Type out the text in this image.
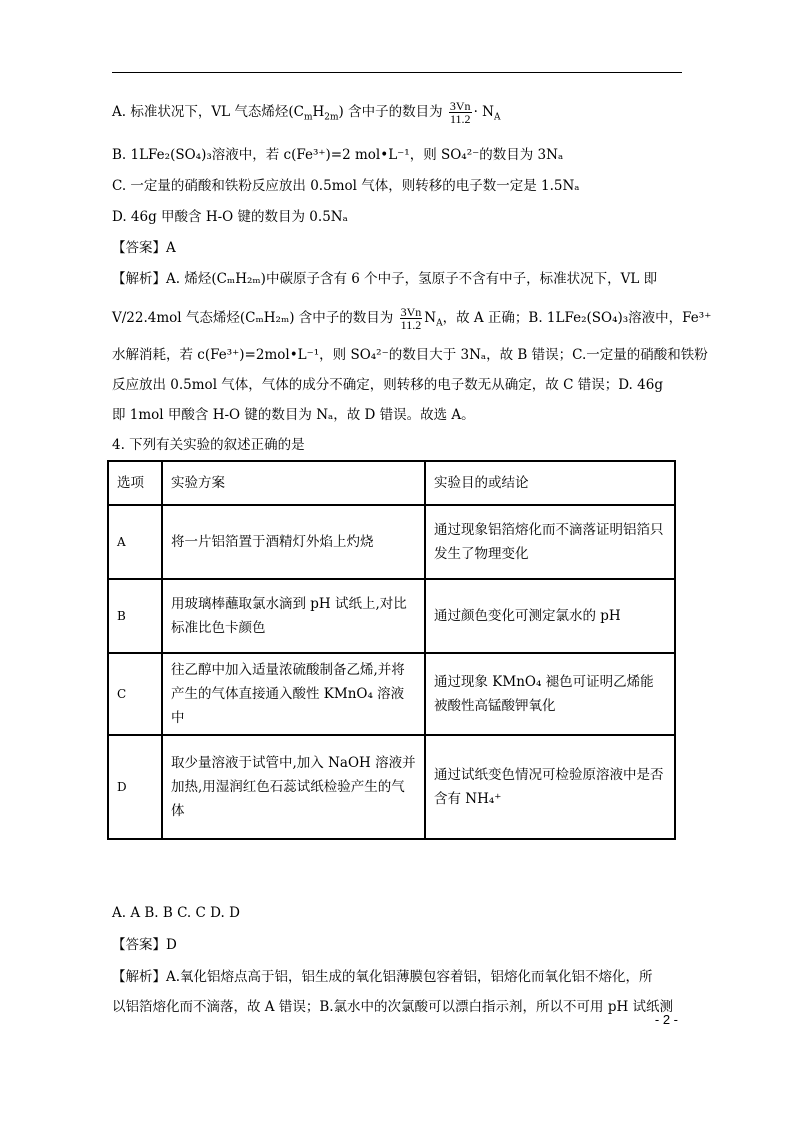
A. 标准状况下，VL 气态烯烃$(C_mH_{2m})$ 含中子的数目为 $\frac{3Vn}{11.2} \cdot N_A$
B. 1LFe₂(SO₄)₃溶液中，若 c(Fe³⁺)=2 mol•L⁻¹，则 SO₄²⁻的数目为 3Nₐ
C. 一定量的硝酸和铁粉反应放出 0.5mol 气体，则转移的电子数一定是 1.5Nₐ
D. 46g 甲酸含 H-O 键的数目为 0.5Nₐ
【答案】A
【解析】A. 烯烃(CₘH₂ₘ)中碳原子含有 6 个中子，氢原子不含有中子，标准状况下，VL 即
V/22.4mol 气态烯烃(CₘH₂ₘ) 含中子的数目为 $\frac{3Vn}{11.2} N_A$，故 A 正确；B. 1LFe₂(SO₄)₃溶液中，Fe³⁺
水解消耗，若 c(Fe³⁺)=2mol•L⁻¹，则 SO₄²⁻的数目大于 3Nₐ，故 B 错误；C.一定量的硝酸和铁粉
反应放出 0.5mol 气体，气体的成分不确定，则转移的电子数无从确定，故 C 错误；D. 46g
即 1mol 甲酸含 H-O 键的数目为 Nₐ，故 D 错误。故选 A。
4. 下列有关实验的叙述正确的是
选项	实验方案	实验目的或结论
A	将一片铝箔置于酒精灯外焰上灼烧	通过现象铝箔熔化而不滴落证明铝箔只发生了物理变化
B	用玻璃棒蘸取氯水滴到 pH 试纸上,对比标准比色卡颜色	通过颜色变化可测定氯水的 pH
C	往乙醇中加入适量浓硫酸制备乙烯,并将产生的气体直接通入酸性 KMnO₄ 溶液中	通过现象 KMnO₄ 褪色可证明乙烯能被酸性高锰酸钾氧化
D	取少量溶液于试管中,加入 NaOH 溶液并加热,用湿润红色石蕊试纸检验产生的气体	通过试纸变色情况可检验原溶液中是否含有 NH₄⁺
A. A B. B C. C D. D
【答案】D
【解析】A.氧化铝熔点高于铝，铝生成的氧化铝薄膜包容着铝，铝熔化而氧化铝不熔化，所
以铝箔熔化而不滴落，故 A 错误；B.氯水中的次氯酸可以漂白指示剂，所以不可用 pH 试纸测
- 2 -
